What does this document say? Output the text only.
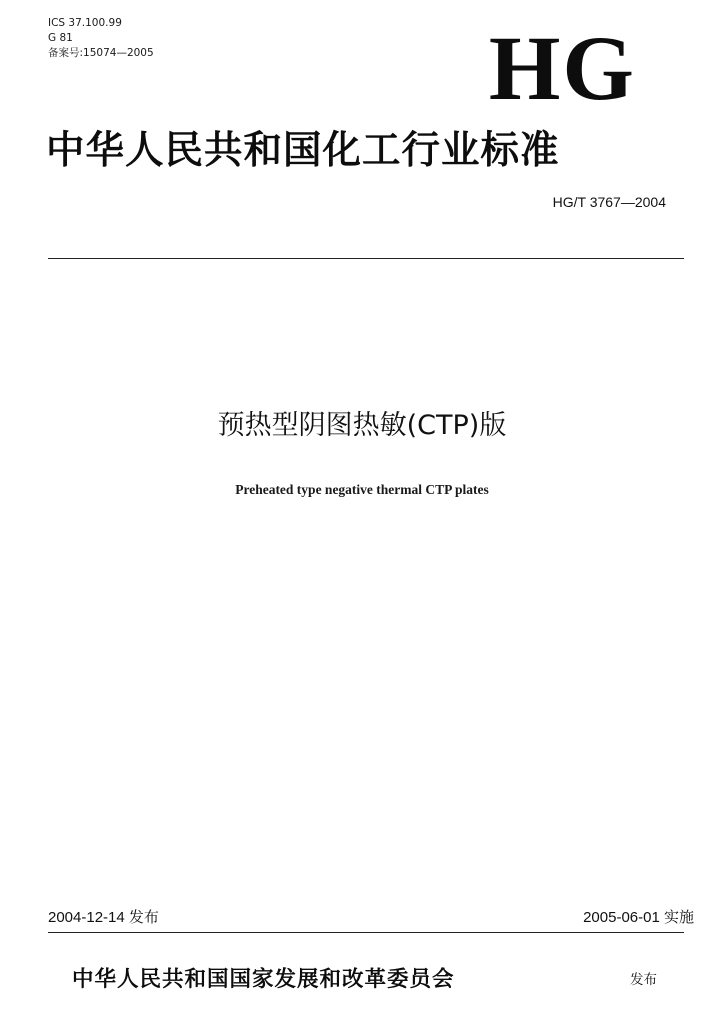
ICS 37.100.99
G 81
备案号:15074—2005	HG
中华人民共和国化工行业标准
HG/T 3767—2004
预热型阴图热敏(CTP)版
Preheated type negative thermal CTP plates
2004-12-14 发布	2005-06-01 实施
中华人民共和国国家发展和改革委员会	发布
